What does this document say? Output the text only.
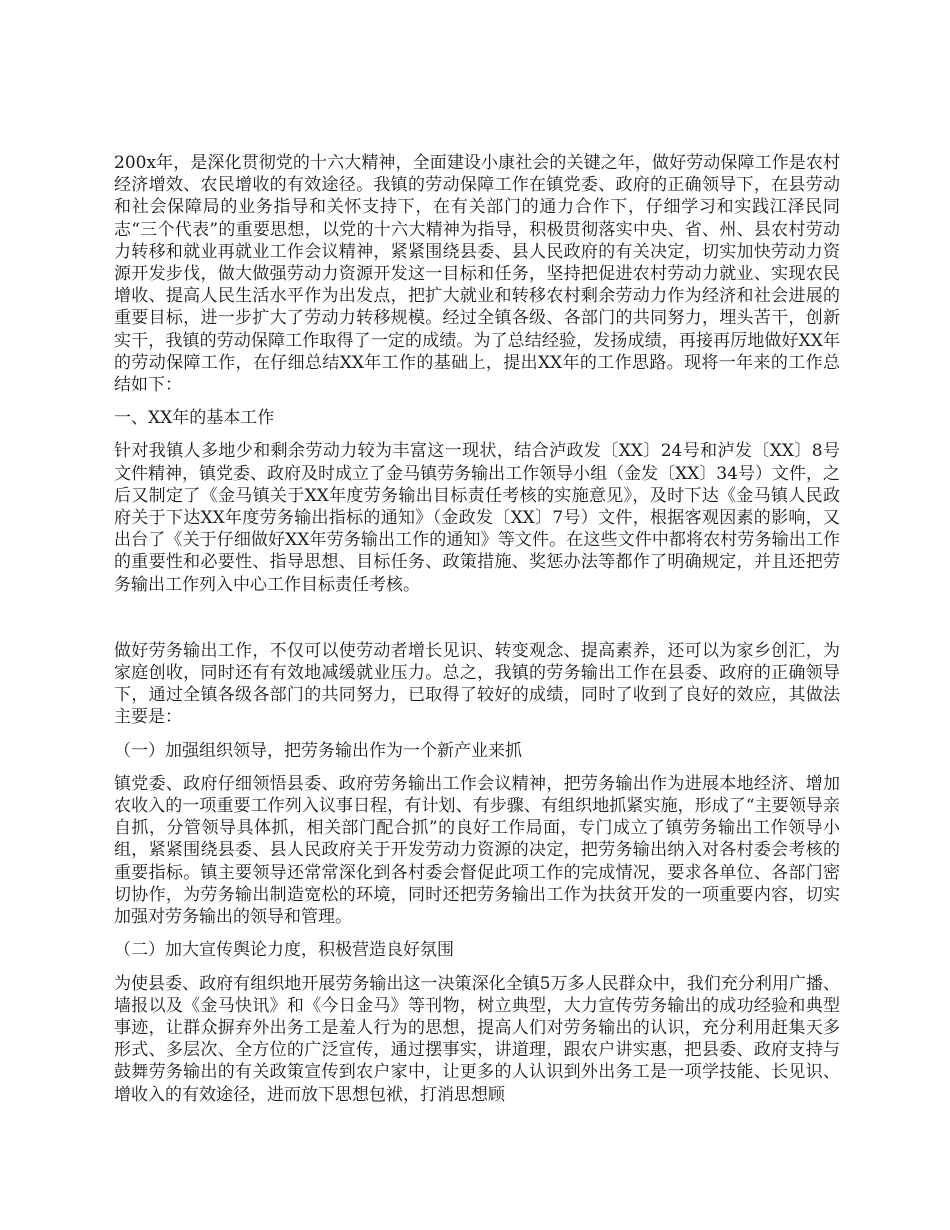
200x年，是深化贯彻党的十六大精神，全面建设小康社会的关键之年，做好劳动保障工作是农村经济增效、农民增收的有效途径。我镇的劳动保障工作在镇党委、政府的正确领导下，在县劳动和社会保障局的业务指导和关怀支持下，在有关部门的通力合作下，仔细学习和实践江泽民同志“三个代表”的重要思想，以党的十六大精神为指导，积极贯彻落实中央、省、州、县农村劳动力转移和就业再就业工作会议精神，紧紧围绕县委、县人民政府的有关决定，切实加快劳动力资源开发步伐，做大做强劳动力资源开发这一目标和任务，坚持把促进农村劳动力就业、实现农民增收、提高人民生活水平作为出发点，把扩大就业和转移农村剩余劳动力作为经济和社会进展的重要目标，进一步扩大了劳动力转移规模。经过全镇各级、各部门的共同努力，埋头苦干，创新实干，我镇的劳动保障工作取得了一定的成绩。为了总结经验，发扬成绩，再接再厉地做好XX年的劳动保障工作，在仔细总结XX年工作的基础上，提出XX年的工作思路。现将一年来的工作总结如下：

一、XX年的基本工作

针对我镇人多地少和剩余劳动力较为丰富这一现状，结合泸政发〔XX〕24号和泸发〔XX〕8号文件精神，镇党委、政府及时成立了金马镇劳务输出工作领导小组（金发〔XX〕34号）文件，之后又制定了《金马镇关于XX年度劳务输出目标责任考核的实施意见》，及时下达《金马镇人民政府关于下达XX年度劳务输出指标的通知》（金政发〔XX〕7号）文件，根据客观因素的影响，又出台了《关于仔细做好XX年劳务输出工作的通知》等文件。在这些文件中都将农村劳务输出工作的重要性和必要性、指导思想、目标任务、政策措施、奖惩办法等都作了明确规定，并且还把劳务输出工作列入中心工作目标责任考核。

做好劳务输出工作，不仅可以使劳动者增长见识、转变观念、提高素养，还可以为家乡创汇，为家庭创收，同时还有有效地减缓就业压力。总之，我镇的劳务输出工作在县委、政府的正确领导下，通过全镇各级各部门的共同努力，已取得了较好的成绩，同时了收到了良好的效应，其做法主要是：

（一）加强组织领导，把劳务输出作为一个新产业来抓

镇党委、政府仔细领悟县委、政府劳务输出工作会议精神，把劳务输出作为进展本地经济、增加农收入的一项重要工作列入议事日程，有计划、有步骤、有组织地抓紧实施，形成了“主要领导亲自抓，分管领导具体抓，相关部门配合抓”的良好工作局面，专门成立了镇劳务输出工作领导小组，紧紧围绕县委、县人民政府关于开发劳动力资源的决定，把劳务输出纳入对各村委会考核的重要指标。镇主要领导还常常深化到各村委会督促此项工作的完成情况，要求各单位、各部门密切协作，为劳务输出制造宽松的环境，同时还把劳务输出工作为扶贫开发的一项重要内容，切实加强对劳务输出的领导和管理。

（二）加大宣传舆论力度，积极营造良好氛围

为使县委、政府有组织地开展劳务输出这一决策深化全镇5万多人民群众中，我们充分利用广播、墙报以及《金马快讯》和《今日金马》等刊物，树立典型，大力宣传劳务输出的成功经验和典型事迹，让群众摒弃外出务工是羞人行为的思想，提高人们对劳务输出的认识，充分利用赶集天多形式、多层次、全方位的广泛宣传，通过摆事实，讲道理，跟农户讲实惠，把县委、政府支持与鼓舞劳务输出的有关政策宣传到农户家中，让更多的人认识到外出务工是一项学技能、长见识、增收入的有效途径，进而放下思想包袱，打消思想顾
